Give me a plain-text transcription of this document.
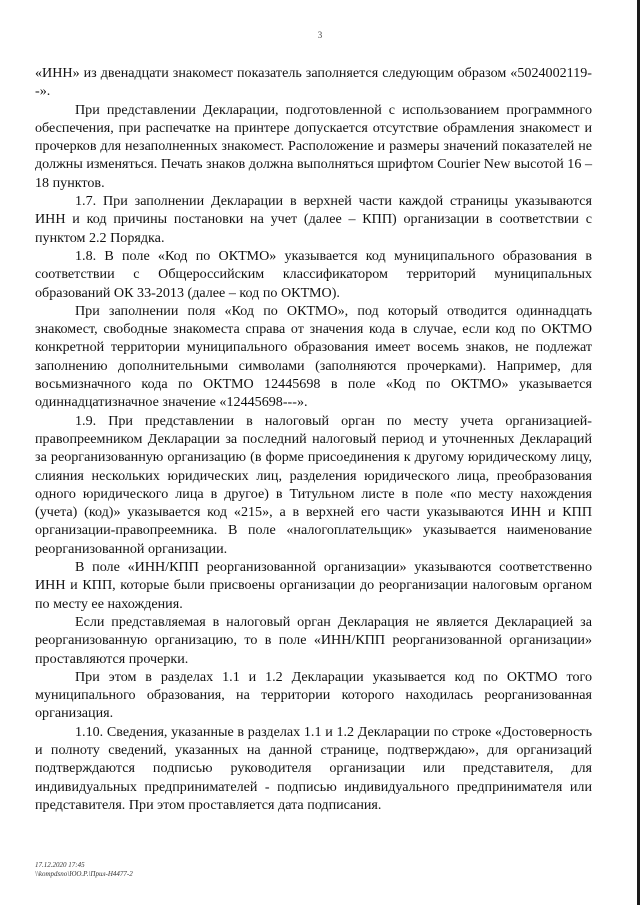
3

«ИНН» из двенадцати знакомест показатель заполняется следующим образом «5024002119--».

При представлении Декларации, подготовленной с использованием программного обеспечения, при распечатке на принтере допускается отсутствие обрамления знакомест и прочерков для незаполненных знакомест. Расположение и размеры значений показателей не должны изменяться. Печать знаков должна выполняться шрифтом Courier New высотой 16 – 18 пунктов.

1.7. При заполнении Декларации в верхней части каждой страницы указываются ИНН и код причины постановки на учет (далее – КПП) организации в соответствии с пунктом 2.2 Порядка.

1.8. В поле «Код по ОКТМО» указывается код муниципального образования в соответствии с Общероссийским классификатором территорий муниципальных образований ОК 33-2013 (далее – код по ОКТМО).

При заполнении поля «Код по ОКТМО», под который отводится одиннадцать знакомест, свободные знакоместа справа от значения кода в случае, если код по ОКТМО конкретной территории муниципального образования имеет восемь знаков, не подлежат заполнению дополнительными символами (заполняются прочерками). Например, для восьмизначного кода по ОКТМО 12445698 в поле «Код по ОКТМО» указывается одиннадцатизначное значение «12445698---».

1.9. При представлении в налоговый орган по месту учета организацией-правопреемником Декларации за последний налоговый период и уточненных Деклараций за реорганизованную организацию (в форме присоединения к другому юридическому лицу, слияния нескольких юридических лиц, разделения юридического лица, преобразования одного юридического лица в другое) в Титульном листе в поле «по месту нахождения (учета) (код)» указывается код «215», а в верхней его части указываются ИНН и КПП организации-правопреемника. В поле «налогоплательщик» указывается наименование реорганизованной организации.

В поле «ИНН/КПП реорганизованной организации» указываются соответственно ИНН и КПП, которые были присвоены организации до реорганизации налоговым органом по месту ее нахождения.

Если представляемая в налоговый орган Декларация не является Декларацией за реорганизованную организацию, то в поле «ИНН/КПП реорганизованной организации» проставляются прочерки.

При этом в разделах 1.1 и 1.2 Декларации указывается код по ОКТМО того муниципального образования, на территории которого находилась реорганизованная организация.

1.10. Сведения, указанные в разделах 1.1 и 1.2 Декларации по строке «Достоверность и полноту сведений, указанных на данной странице, подтверждаю», для организаций подтверждаются подписью руководителя организации или представителя, для индивидуальных предпринимателей - подписью индивидуального предпринимателя или представителя. При этом проставляется дата подписания.

17.12.2020 17:45
\\kompdsno\ЮО.Р.\Прил-Н4477-2
